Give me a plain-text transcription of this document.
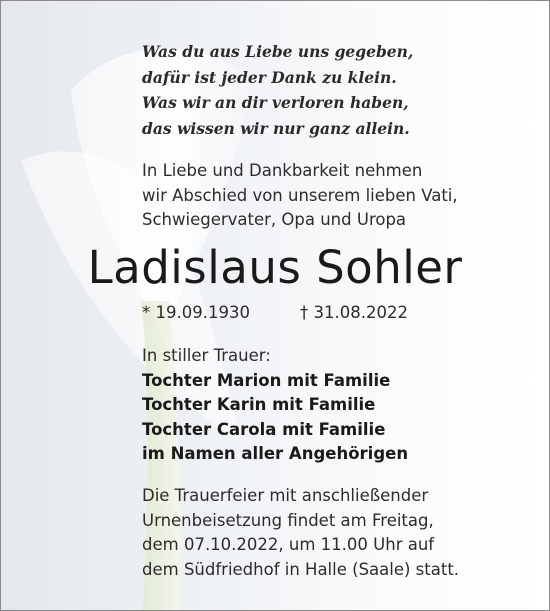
Was du aus Liebe uns gegeben,
dafür ist jeder Dank zu klein.
Was wir an dir verloren haben,
das wissen wir nur ganz allein.
In Liebe und Dankbarkeit nehmen
wir Abschied von unserem lieben Vati,
Schwiegervater, Opa und Uropa
Ladislaus Sohler
* 19.09.1930	† 31.08.2022
In stiller Trauer:
Tochter Marion mit Familie
Tochter Karin mit Familie
Tochter Carola mit Familie
im Namen aller Angehörigen
Die Trauerfeier mit anschließender
Urnenbeisetzung findet am Freitag,
dem 07.10.2022, um 11.00 Uhr auf
dem Südfriedhof in Halle (Saale) statt.
